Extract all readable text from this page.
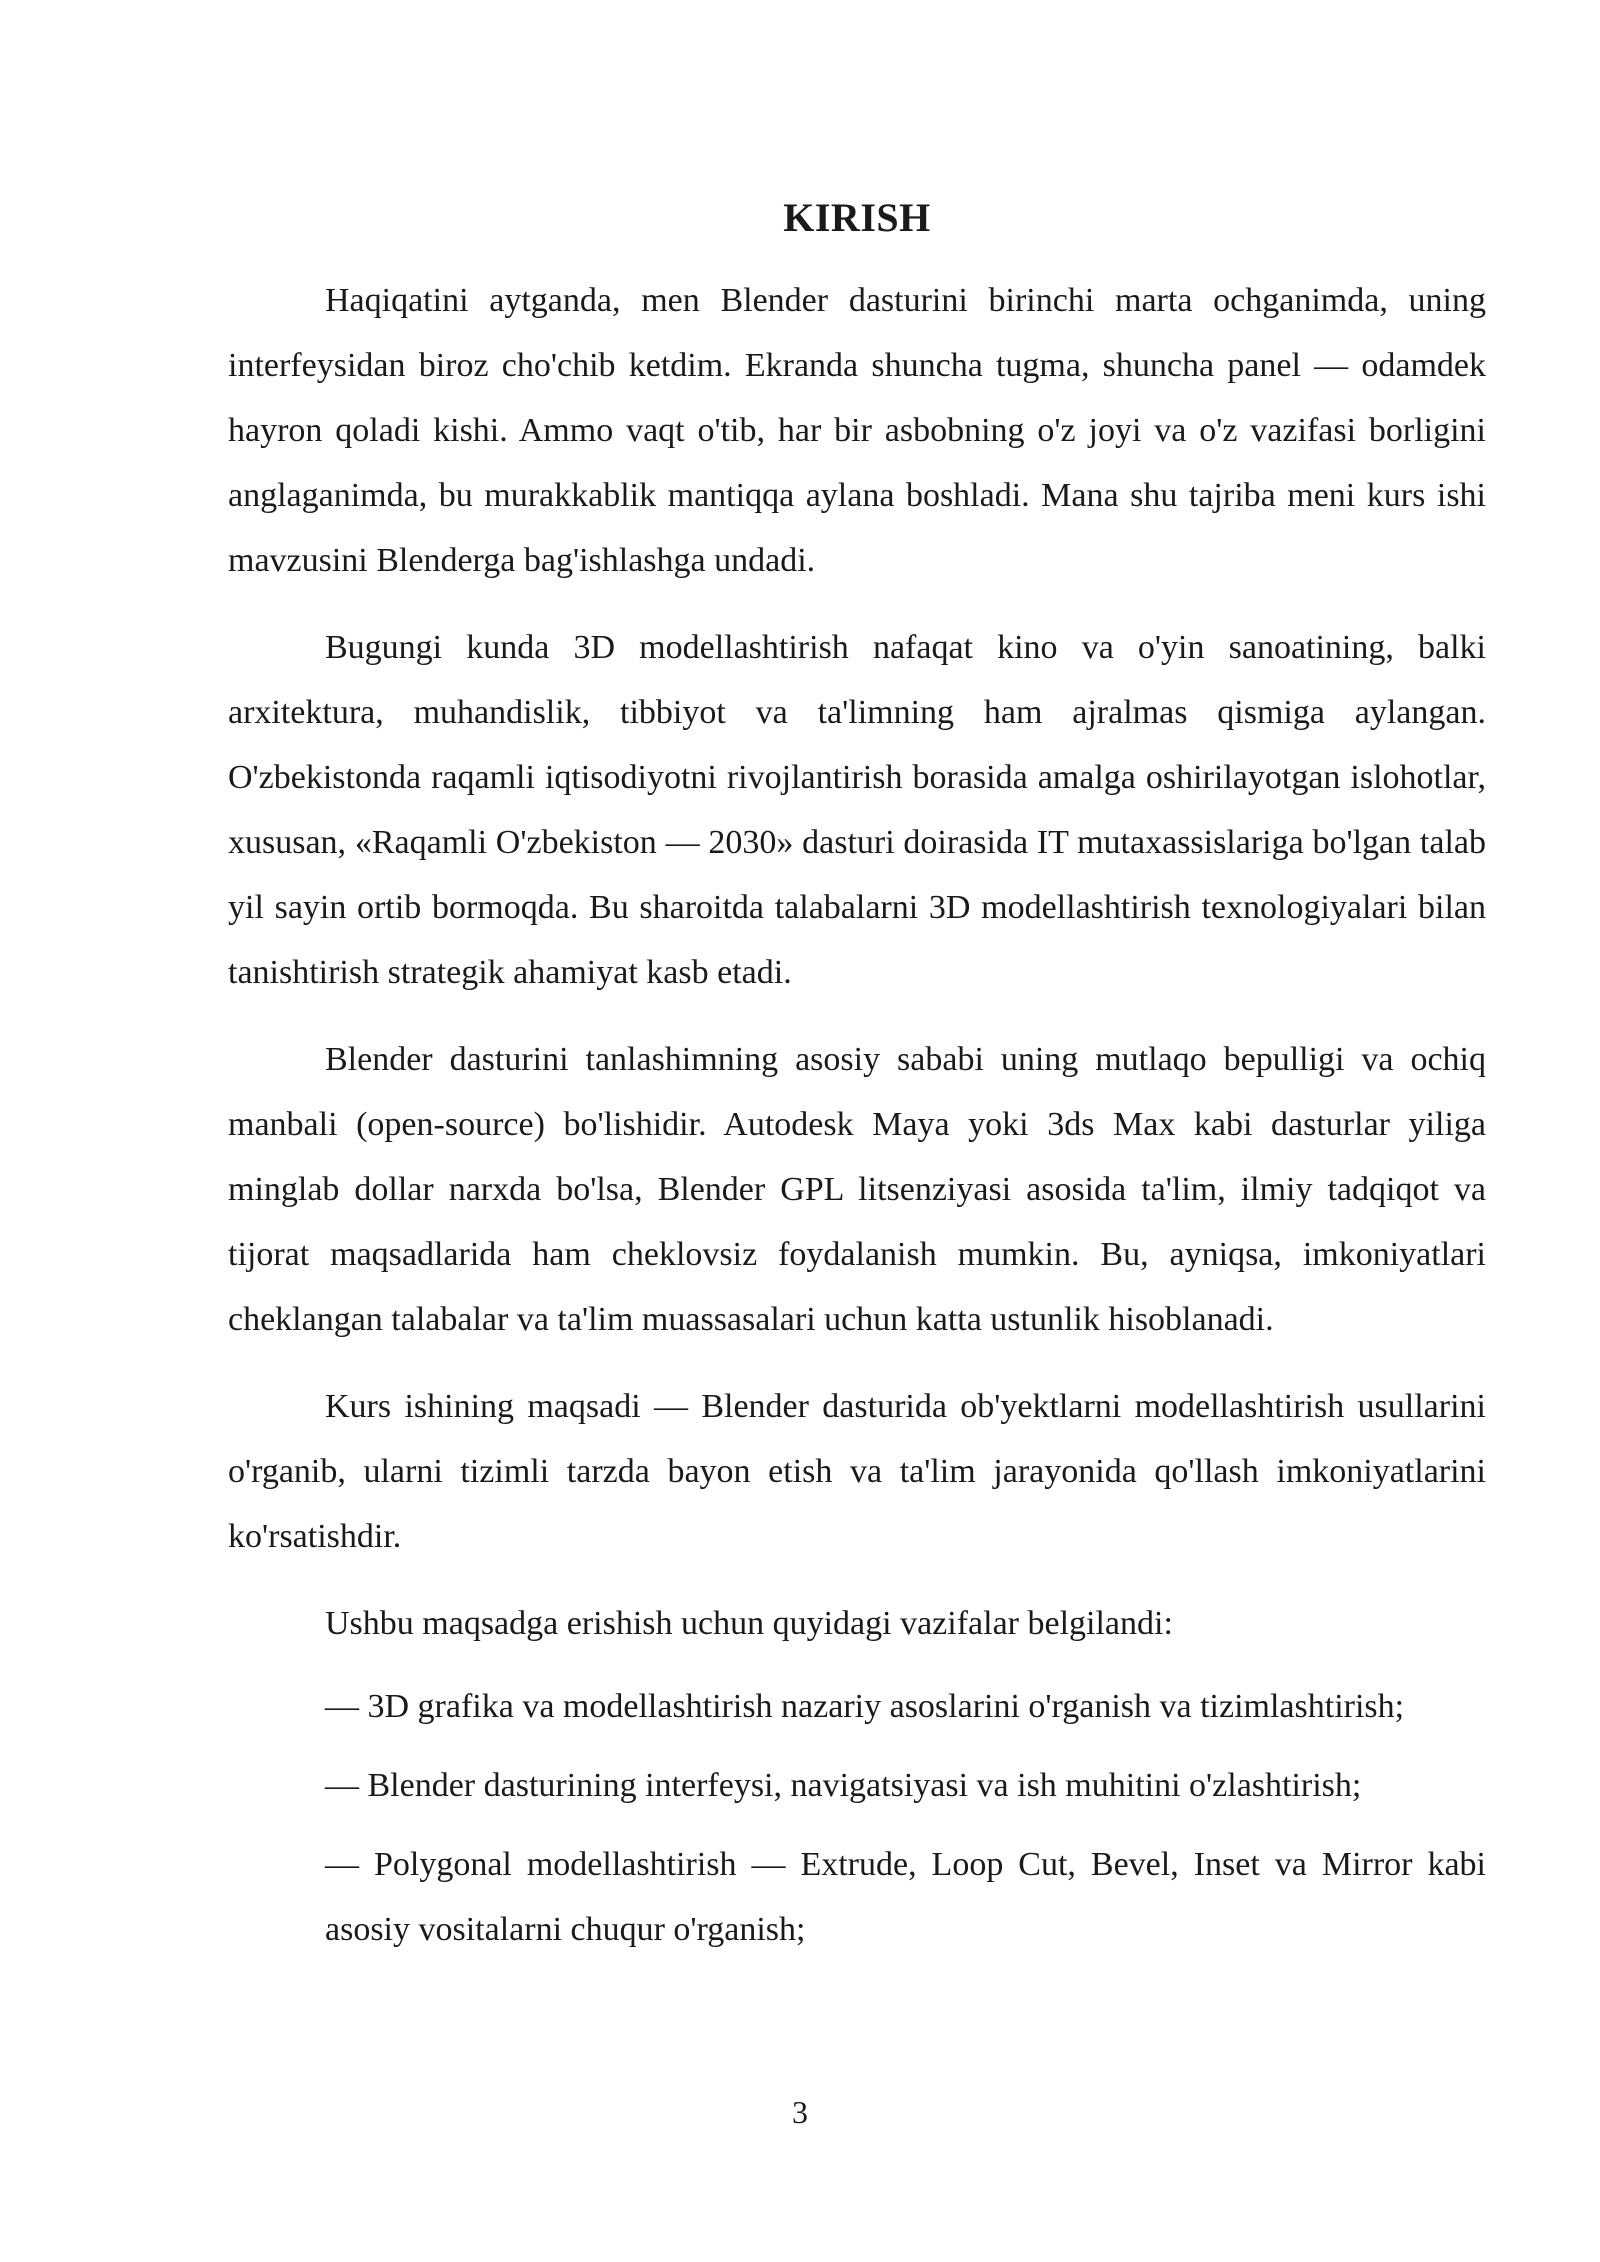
KIRISH

Haqiqatini aytganda, men Blender dasturini birinchi marta ochganimda, uning interfeysidan biroz cho'chib ketdim. Ekranda shuncha tugma, shuncha panel — odamdek hayron qoladi kishi. Ammo vaqt o'tib, har bir asbobning o'z joyi va o'z vazifasi borligini anglaganimda, bu murakkablik mantiqqa aylana boshladi. Mana shu tajriba meni kurs ishi mavzusini Blenderga bag'ishlashga undadi.

Bugungi kunda 3D modellashtirish nafaqat kino va o'yin sanoatining, balki arxitektura, muhandislik, tibbiyot va ta'limning ham ajralmas qismiga aylangan. O'zbekistonda raqamli iqtisodiyotni rivojlantirish borasida amalga oshirilayotgan islohotlar, xususan, «Raqamli O'zbekiston — 2030» dasturi doirasida IT mutaxassislariga bo'lgan talab yil sayin ortib bormoqda. Bu sharoitda talabalarni 3D modellashtirish texnologiyalari bilan tanishtirish strategik ahamiyat kasb etadi.

Blender dasturini tanlashimning asosiy sababi uning mutlaqo bepulligi va ochiq manbali (open-source) bo'lishidir. Autodesk Maya yoki 3ds Max kabi dasturlar yiliga minglab dollar narxda bo'lsa, Blender GPL litsenziyasi asosida ta'lim, ilmiy tadqiqot va tijorat maqsadlarida ham cheklovsiz foydalanish mumkin. Bu, ayniqsa, imkoniyatlari cheklangan talabalar va ta'lim muassasalari uchun katta ustunlik hisoblanadi.

Kurs ishining maqsadi — Blender dasturida ob'yektlarni modellashtirish usullarini o'rganib, ularni tizimli tarzda bayon etish va ta'lim jarayonida qo'llash imkoniyatlarini ko'rsatishdir.

Ushbu maqsadga erishish uchun quyidagi vazifalar belgilandi:

— 3D grafika va modellashtirish nazariy asoslarini o'rganish va tizimlashtirish;

— Blender dasturining interfeysi, navigatsiyasi va ish muhitini o'zlashtirish;

— Polygonal modellashtirish — Extrude, Loop Cut, Bevel, Inset va Mirror kabi asosiy vositalarni chuqur o'rganish;

3
